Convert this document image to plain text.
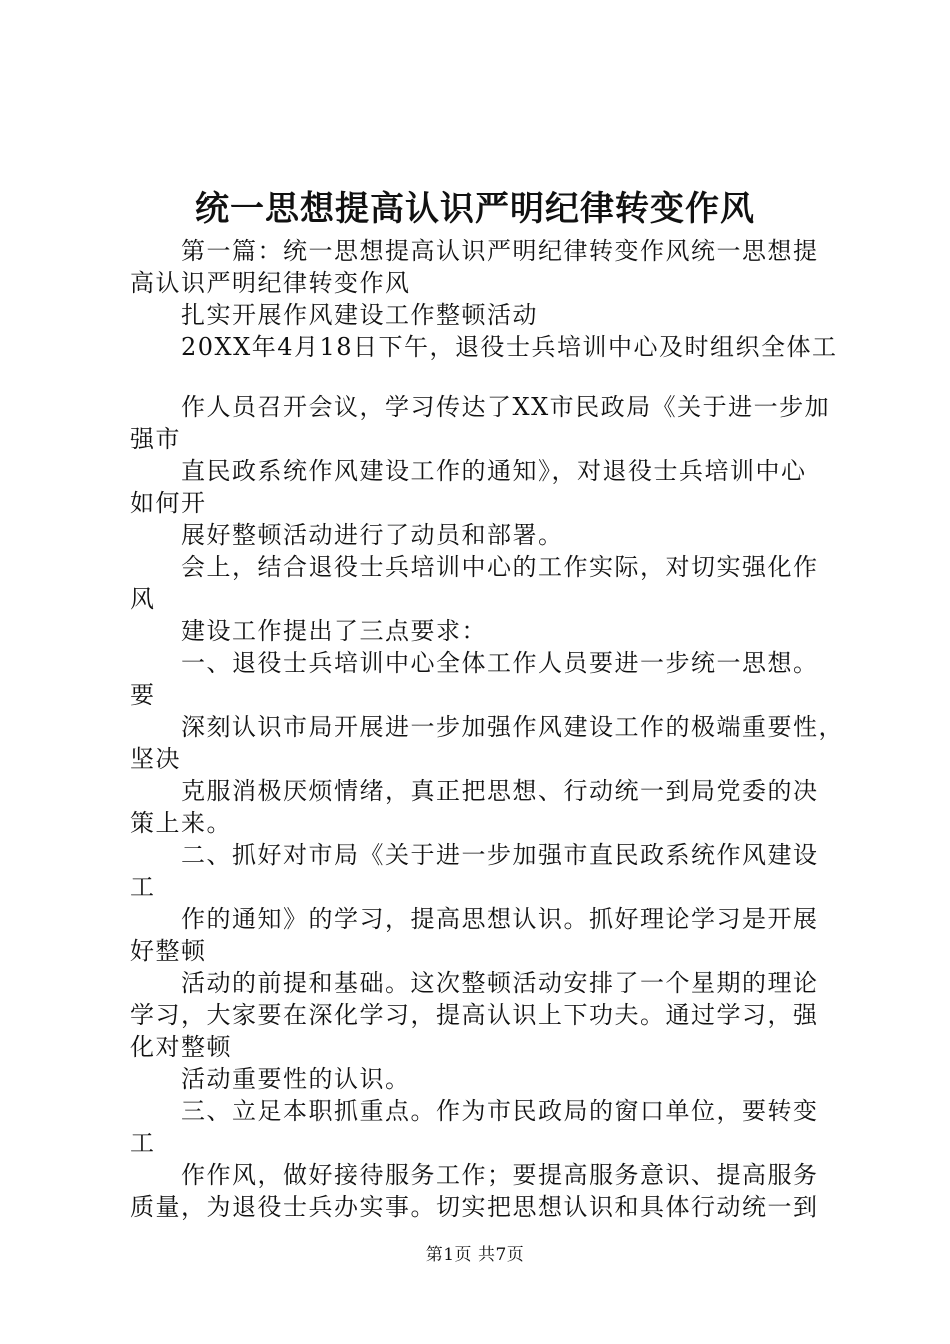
统一思想提高认识严明纪律转变作风
第一篇：统一思想提高认识严明纪律转变作风统一思想提
高认识严明纪律转变作风
扎实开展作风建设工作整顿活动
20XX年4月18日下午，退役士兵培训中心及时组织全体工
作人员召开会议，学习传达了XX市民政局《关于进一步加
强市
直民政系统作风建设工作的通知》，对退役士兵培训中心
如何开
展好整顿活动进行了动员和部署。
会上，结合退役士兵培训中心的工作实际，对切实强化作
风
建设工作提出了三点要求：
一、退役士兵培训中心全体工作人员要进一步统一思想。
要
深刻认识市局开展进一步加强作风建设工作的极端重要性，
坚决
克服消极厌烦情绪，真正把思想、行动统一到局党委的决
策上来。
二、抓好对市局《关于进一步加强市直民政系统作风建设
工
作的通知》的学习，提高思想认识。抓好理论学习是开展
好整顿
活动的前提和基础。这次整顿活动安排了一个星期的理论
学习，大家要在深化学习，提高认识上下功夫。通过学习，强
化对整顿
活动重要性的认识。
三、立足本职抓重点。作为市民政局的窗口单位，要转变
工
作作风，做好接待服务工作；要提高服务意识、提高服务
质量，为退役士兵办实事。切实把思想认识和具体行动统一到
第1页 共7页
